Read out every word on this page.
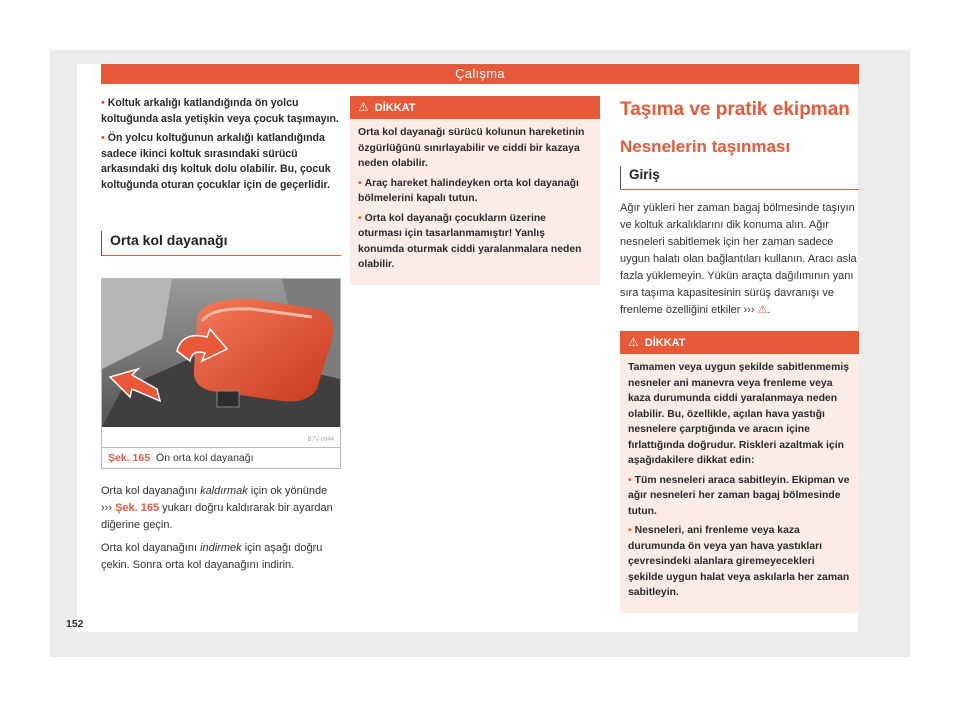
Çalışma

• Koltuk arkalığı katlandığında ön yolcu koltuğunda asla yetişkin veya çocuk taşımayın.

• Ön yolcu koltuğunun arkalığı katlandığında sadece ikinci koltuk sırasındaki sürücü arkasındaki dış koltuk dolu olabilir. Bu, çocuk koltuğunda oturan çocuklar için de geçerlidir.

Orta kol dayanağı
B7V-0944
Şek. 165 Ön orta kol dayanağı

Orta kol dayanağını kaldırmak için ok yönünde ››› Şek. 165 yukarı doğru kaldırarak bir ayardan diğerine geçin.

Orta kol dayanağını indirmek için aşağı doğru çekin. Sonra orta kol dayanağını indirin.

⚠ DİKKAT

Orta kol dayanağı sürücü kolunun hareketinin özgürlüğünü sınırlayabilir ve ciddi bir kazaya neden olabilir.

• Araç hareket halindeyken orta kol dayanağı bölmelerini kapalı tutun.

• Orta kol dayanağı çocukların üzerine oturması için tasarlanmamıştır! Yanlış konumda oturmak ciddi yaralanmalara neden olabilir.

Taşıma ve pratik ekipman
Nesnelerin taşınması
Giriş

Ağır yükleri her zaman bagaj bölmesinde taşıyın ve koltuk arkalıklarını dik konuma alın. Ağır nesneleri sabitlemek için her zaman sadece uygun halatı olan bağlantıları kullanın. Aracı asla fazla yüklemeyin. Yükün araçta dağılımının yanı sıra taşıma kapasitesinin sürüş davranışı ve frenleme özelliğini etkiler ››› ⚠.

⚠ DİKKAT

Tamamen veya uygun şekilde sabitlenmemiş nesneler ani manevra veya frenleme veya kaza durumunda ciddi yaralanmaya neden olabilir. Bu, özellikle, açılan hava yastığı nesnelere çarptığında ve aracın içine fırlattığında doğrudur. Riskleri azaltmak için aşağıdakilere dikkat edin:

• Tüm nesneleri araca sabitleyin. Ekipman ve ağır nesneleri her zaman bagaj bölmesinde tutun.

• Nesneleri, ani frenleme veya kaza durumunda ön veya yan hava yastıkları çevresindeki alanlara giremeyecekleri şekilde uygun halat veya askılarla her zaman sabitleyin.

152
